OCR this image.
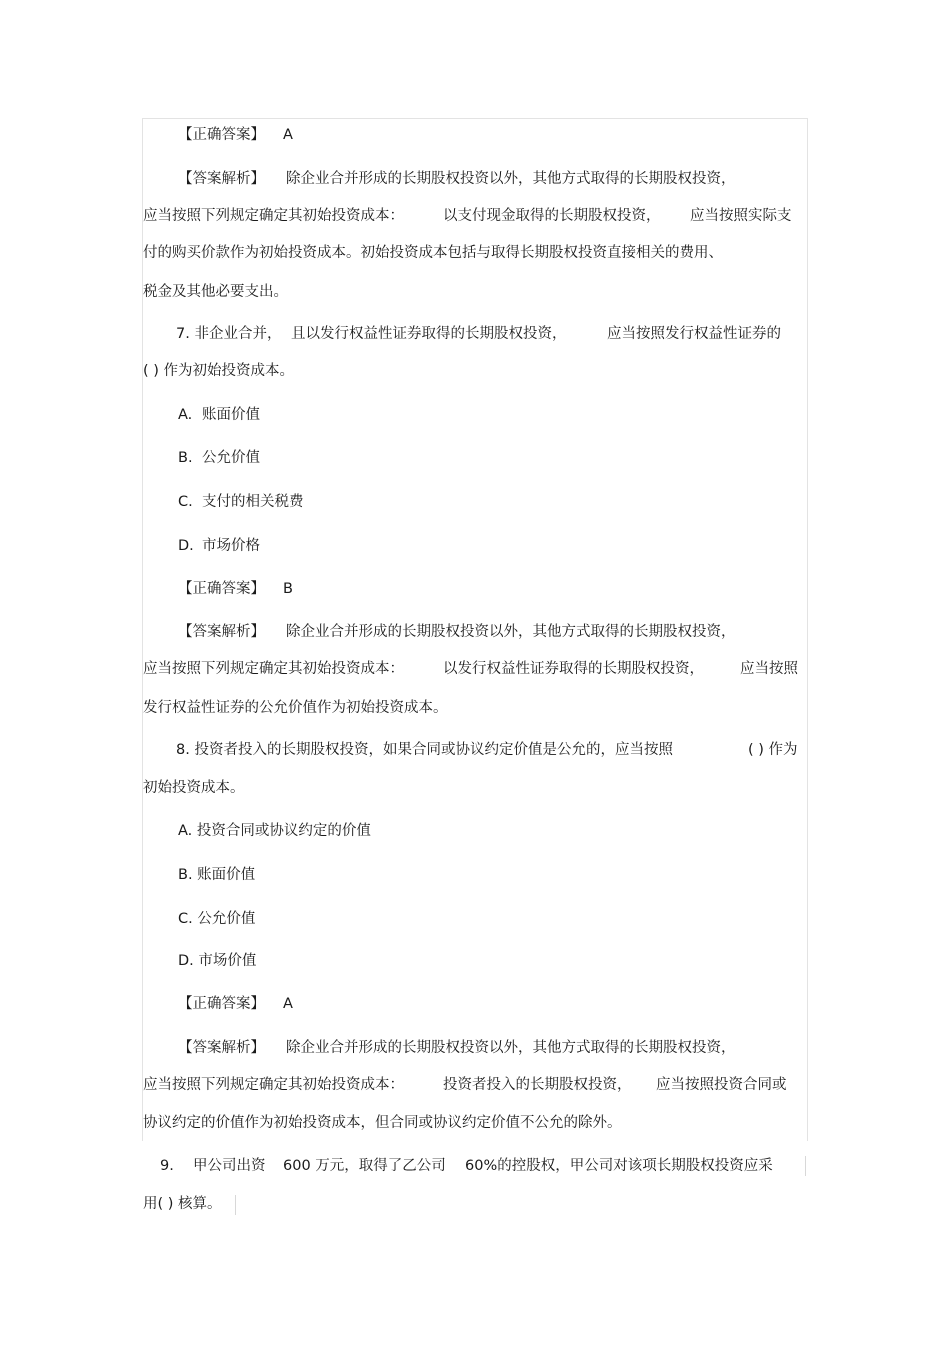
【正确答案】 A
【答案解析】 除企业合并形成的长期股权投资以外，其他方式取得的长期股权投资，
应当按照下列规定确定其初始投资成本：	以支付现金取得的长期股权投资， 应当按照实际支
付的购买价款作为初始投资成本。初始投资成本包括与取得长期股权投资直接相关的费用、
税金及其他必要支出。
7. 非企业合并， 且以发行权益性证券取得的长期股权投资，	应当按照发行权益性证券的
( ) 作为初始投资成本。
A. 账面价值
B. 公允价值
C. 支付的相关税费
D. 市场价格
【正确答案】 B
【答案解析】 除企业合并形成的长期股权投资以外，其他方式取得的长期股权投资，
应当按照下列规定确定其初始投资成本：	以发行权益性证券取得的长期股权投资， 应当按照
发行权益性证券的公允价值作为初始投资成本。
8. 投资者投入的长期股权投资，如果合同或协议约定价值是公允的，应当按照	( ) 作为
初始投资成本。
A. 投资合同或协议约定的价值
B. 账面价值
C. 公允价值
D. 市场价值
【正确答案】 A
【答案解析】 除企业合并形成的长期股权投资以外，其他方式取得的长期股权投资，
应当按照下列规定确定其初始投资成本：	投资者投入的长期股权投资， 应当按照投资合同或
协议约定的价值作为初始投资成本，但合同或协议约定价值不公允的除外。
9. 甲公司出资 600 万元，取得了乙公司 60%的控股权，甲公司对该项长期股权投资应采
用( ) 核算。
